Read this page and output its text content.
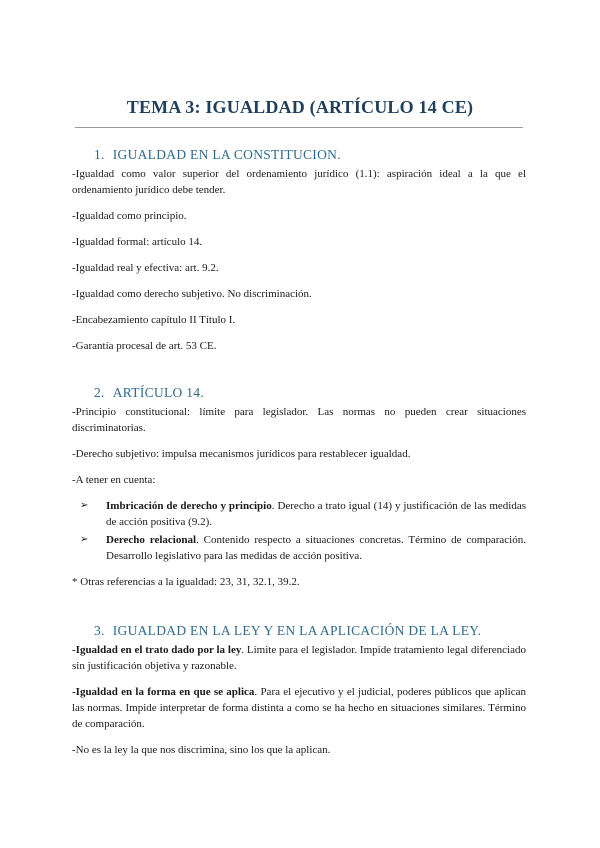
TEMA 3: IGUALDAD (ARTÍCULO 14 CE)
1. IGUALDAD EN LA CONSTITUCION.

-Igualdad como valor superior del ordenamiento jurídico (1.1): aspiración ideal a la que el ordenamiento jurídico debe tender.

-Igualdad como principio.

-Igualdad formal: artículo 14.

-Igualdad real y efectiva: art. 9.2.

-Igualdad como derecho subjetivo. No discriminación.

-Encabezamiento capítulo II Título I.

-Garantía procesal de art. 53 CE.

2. ARTÍCULO 14.

-Principio constitucional: límite para legislador. Las normas no pueden crear situaciones discriminatorias.

-Derecho subjetivo: impulsa mecanismos jurídicos para restablecer igualdad.

-A tener en cuenta:

➢	Imbricación de derecho y principio. Derecho a trato igual (14) y justificación de las medidas de acción positiva (9.2).
➢	Derecho relacional. Contenido respecto a situaciones concretas. Término de comparación. Desarrollo legislativo para las medidas de acción positiva.

* Otras referencias a la igualdad: 23, 31, 32.1, 39.2.

3. IGUALDAD EN LA LEY Y EN LA APLICACIÓN DE LA LEY.

-Igualdad en el trato dado por la ley. Límite para el legislador. Impide tratamiento legal diferenciado sin justificación objetiva y razonable.

-Igualdad en la forma en que se aplica. Para el ejecutivo y el judicial, poderes públicos que aplican las normas. Impide interpretar de forma distinta a como se ha hecho en situaciones similares. Término de comparación.

-No es la ley la que nos discrimina, sino los que la aplican.
